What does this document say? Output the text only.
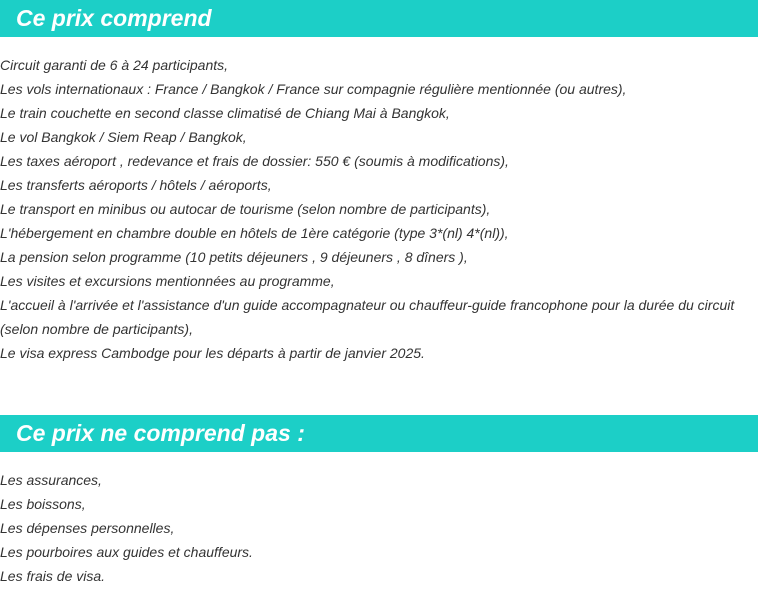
Ce prix comprend
Circuit garanti de 6 à 24 participants,
Les vols internationaux : France / Bangkok / France sur compagnie régulière mentionnée (ou autres),
Le train couchette en second classe climatisé de Chiang Mai à Bangkok,
Le vol Bangkok / Siem Reap / Bangkok,
Les taxes aéroport , redevance et frais de dossier: 550 € (soumis à modifications),
Les transferts aéroports / hôtels / aéroports,
Le transport en minibus ou autocar de tourisme (selon nombre de participants),
L'hébergement en chambre double en hôtels de 1ère catégorie (type 3*(nl) 4*(nl)),
La pension selon programme (10 petits déjeuners , 9 déjeuners , 8 dîners ),
Les visites et excursions mentionnées au programme,
L'accueil à l'arrivée et l'assistance d'un guide accompagnateur ou chauffeur-guide francophone pour la durée du circuit (selon nombre de participants),
Le visa express Cambodge pour les départs à partir de janvier 2025.
Ce prix ne comprend pas :
Les assurances,
Les boissons,
Les dépenses personnelles,
Les pourboires aux guides et chauffeurs.
Les frais de visa.
